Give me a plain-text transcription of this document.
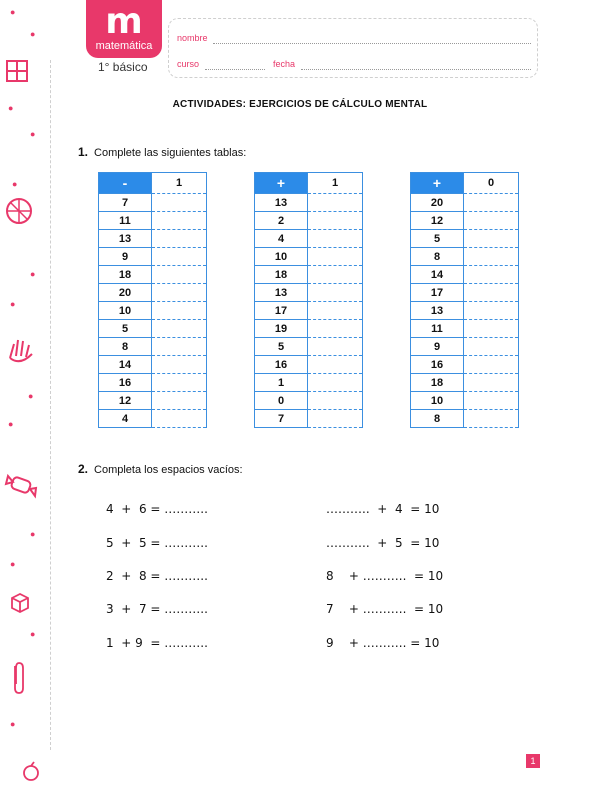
●
●
●
●
●
●
●
●
●
●
●
●
●
m
matemática
1° básico
nombre
curso	fecha
ACTIVIDADES: EJERCICIOS DE CÁLCULO MENTAL
1. Complete las siguientes tablas:
-	1
7	
11	
13	
9	
18	
20	
10	
5	
8	
14	
16	
12	
4	
+	1
13	
2	
4	
10	
18	
13	
17	
19	
5	
16	
1	
0	
7	
+	0
20	
12	
5	
8	
14	
17	
13	
11	
9	
16	
18	
10	
8	
2. Completa los espacios vacíos:
4  +  6 = ………..
5  +  5 = ………..
2  +  8 = ………..
3  +  7 = ………..
1  + 9  = ………..
………..  +  4  = 10
………..  +  5  = 10
8    + ………..  = 10
7    + ………..  = 10
9    + ……….. = 10
1
